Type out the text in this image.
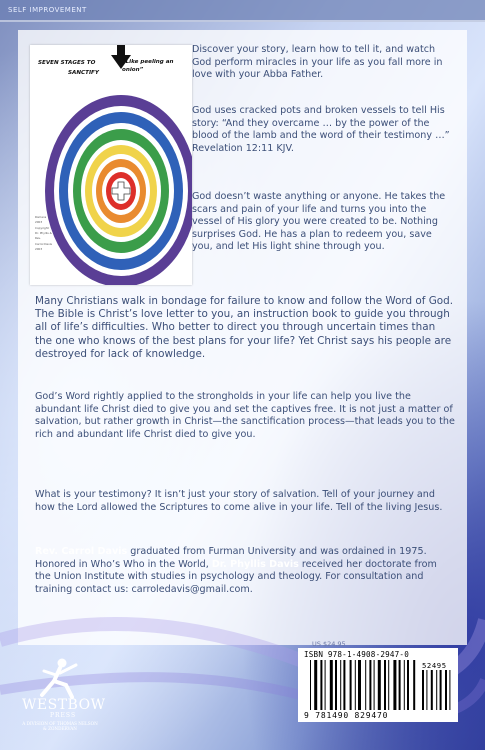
SELF IMPROVEMENT
SEVEN STAGES TO
SANCTIFY
“Like peeling an onion”
Romans
2003
Copyright
Dr. Phyllis & Rev.
Carrol Davis 2003
Discover your story, learn how to tell it, and watch God perform miracles in your life as you fall more in love with your Abba Father.
God uses cracked pots and broken vessels to tell His story: “And they overcame … by the power of the blood of the lamb and the word of their testimony …” Revelation 12:11 KJV.
God doesn’t waste anything or anyone. He takes the scars and pain of your life and turns you into the vessel of His glory you were created to be. Nothing surprises God. He has a plan to redeem you, save you, and let His light shine through you.
Many Christians walk in bondage for failure to know and follow the Word of God. The Bible is Christ’s love letter to you, an instruction book to guide you through all of life’s difficulties. Who better to direct you through uncertain times than the one who knows of the best plans for your life? Yet Christ says his people are destroyed for lack of knowledge.
God’s Word rightly applied to the strongholds in your life can help you live the abundant life Christ died to give you and set the captives free. It is not just a matter of salvation, but rather growth in Christ—the sanctification process—that leads you to the rich and abundant life Christ died to give you.
What is your testimony? It isn’t just your story of salvation. Tell of your journey and how the Lord allowed the Scriptures to come alive in your life. Tell of the living Jesus.
Rev. Carrol Davis graduated from Furman University and was ordained in 1975. Honored in Who’s Who in the World, Dr. Phyllis Davis received her doctorate from the Union Institute with studies in psychology and theology. For consultation and training contact us: carroledavis@gmail.com.
US $24.95
ISBN 978-1-4908-2947-0
52495
9 781490 829470
WESTBOW
PRESS
A DIVISION OF THOMAS NELSON
& ZONDERVAN
